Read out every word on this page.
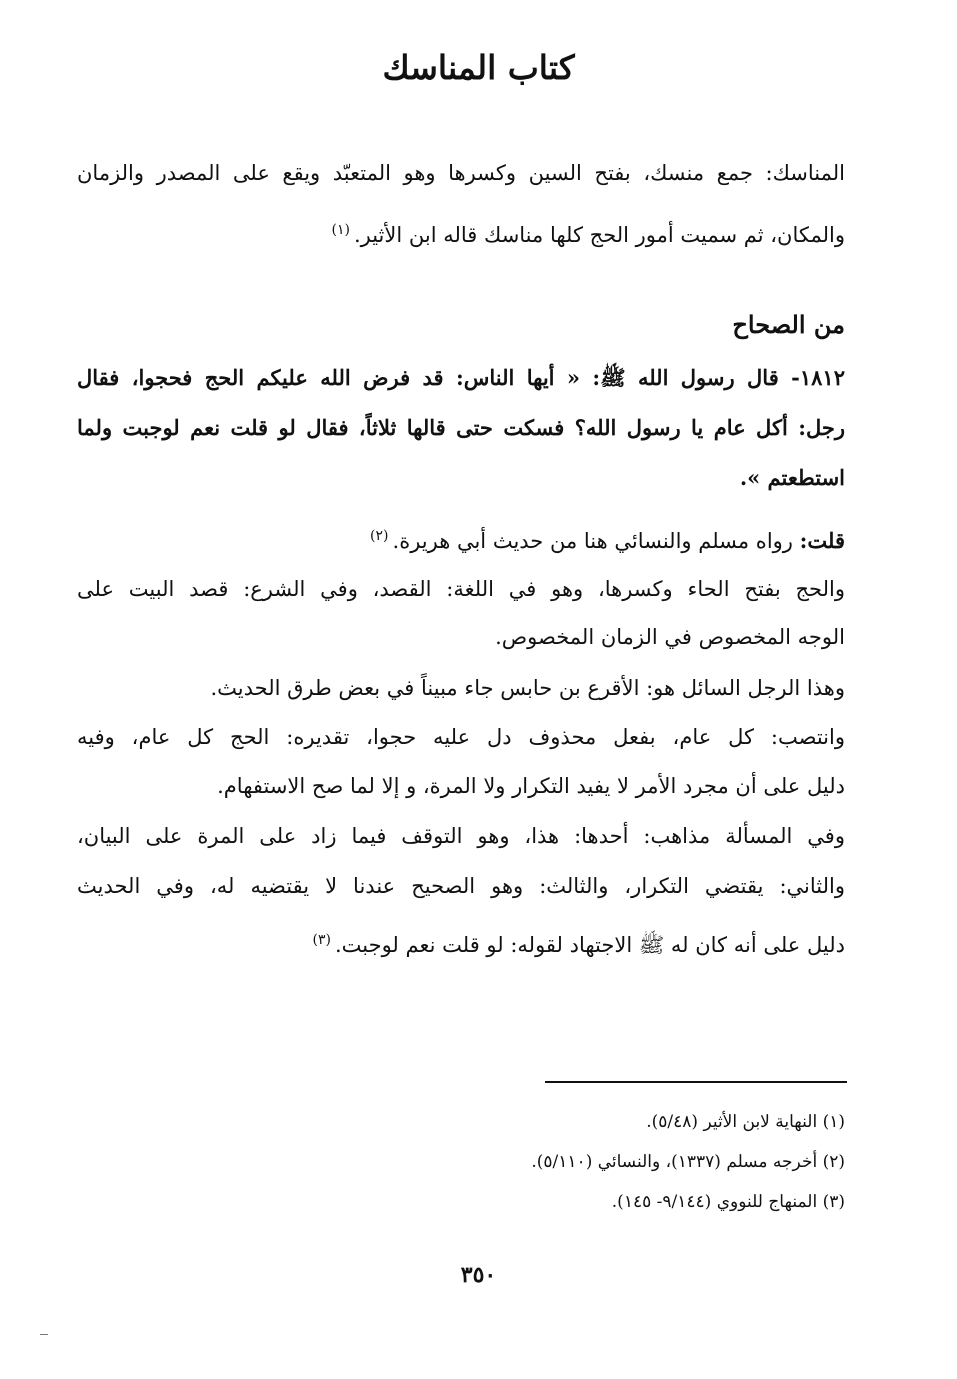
كتاب المناسك
المناسك: جمع منسك، بفتح السين وكسرها وهو المتعبّد ويقع على المصدر والزمان
والمكان، ثم سميت أمور الحج كلها مناسك قاله ابن الأثير.$^{(١)}$
من الصحاح
١٨١٢- قال رسول الله ﷺ: « أيها الناس: قد فرض الله عليكم الحج فحجوا، فقال
رجل: أكل عام يا رسول الله؟ فسكت حتى قالها ثلاثاً، فقال لو قلت نعم لوجبت ولما
استطعتم ».
قلت: رواه مسلم والنسائي هنا من حديث أبي هريرة.$^{(٢)}$
والحج بفتح الحاء وكسرها، وهو في اللغة: القصد، وفي الشرع: قصد البيت على
الوجه المخصوص في الزمان المخصوص.
وهذا الرجل السائل هو: الأقرع بن حابس جاء مبيناً في بعض طرق الحديث.
وانتصب: كل عام، بفعل محذوف دل عليه حجوا، تقديره: الحج كل عام، وفيه
دليل على أن مجرد الأمر لا يفيد التكرار ولا المرة، و إلا لما صح الاستفهام.
وفي المسألة مذاهب: أحدها: هذا، وهو التوقف فيما زاد على المرة على البيان،
والثاني: يقتضي التكرار، والثالث: وهو الصحيح عندنا لا يقتضيه له، وفي الحديث
دليل على أنه كان له ﷺ الاجتهاد لقوله: لو قلت نعم لوجبت.$^{(٣)}$
(١) النهاية لابن الأثير (٥/٤٨).
(٢) أخرجه مسلم (١٣٣٧)، والنسائي (٥/١١٠).
(٣) المنهاج للنووي (٩/١٤٤- ١٤٥).
٣٥٠
